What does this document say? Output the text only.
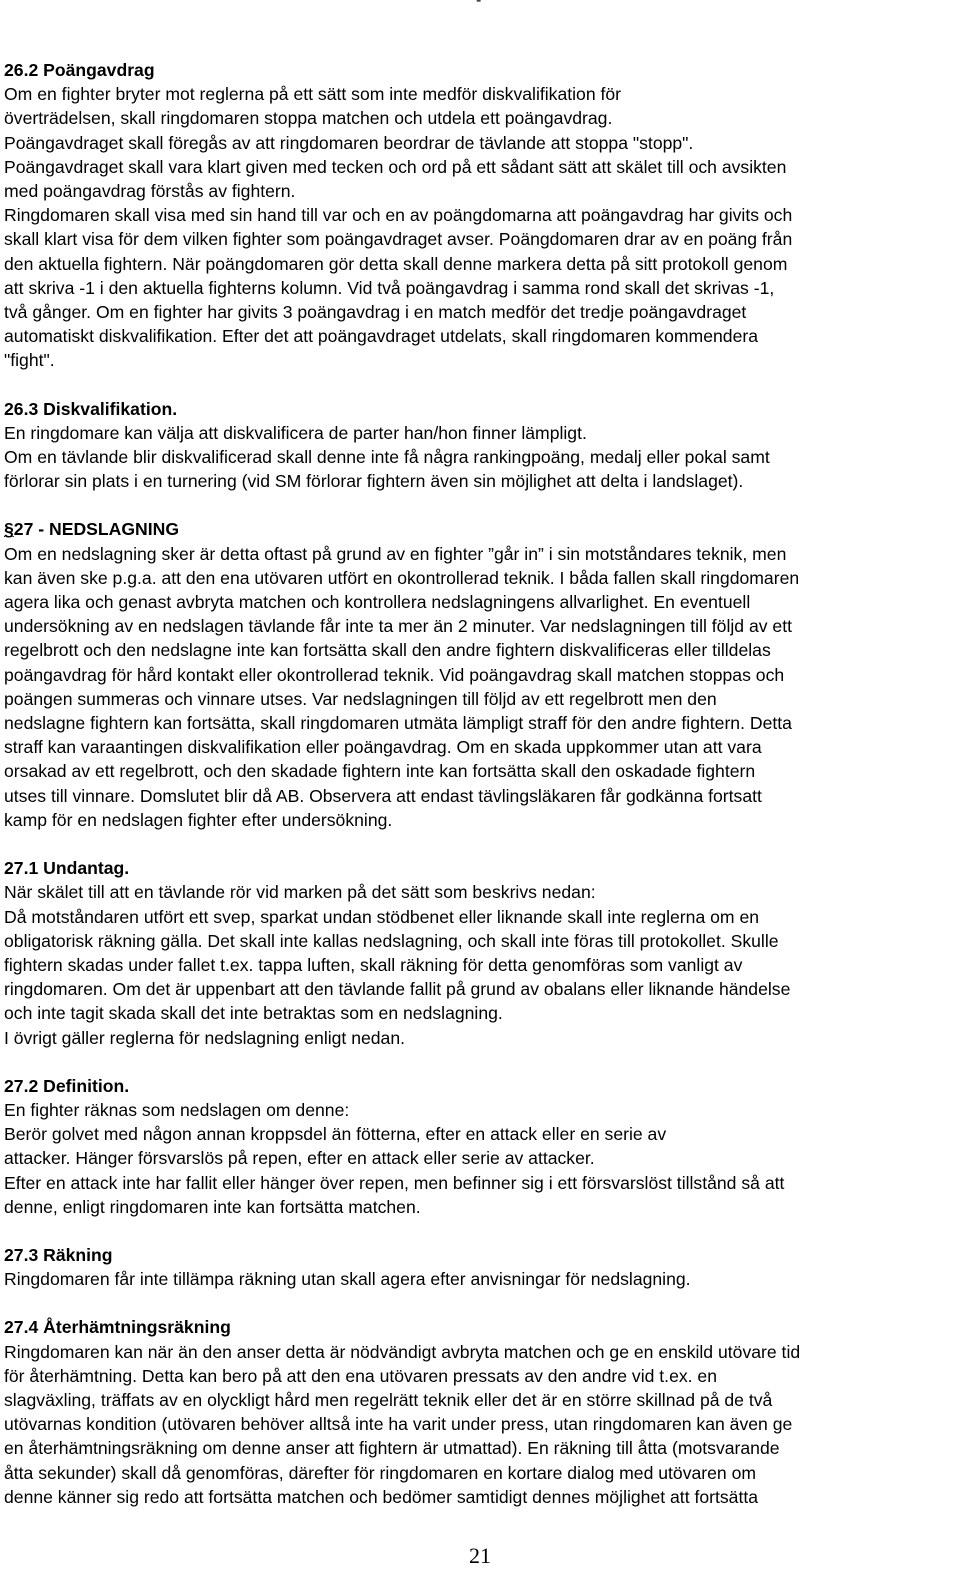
-

26.2 Poängavdrag

Om en fighter bryter mot reglerna på ett sätt som inte medför diskvalifikation för
överträdelsen, skall ringdomaren stoppa matchen och utdela ett poängavdrag.

Poängavdraget skall föregås av att ringdomaren beordrar de tävlande att stoppa "stopp".

Poängavdraget skall vara klart given med tecken och ord på ett sådant sätt att skälet till och avsikten
med poängavdrag förstås av fightern.

Ringdomaren skall visa med sin hand till var och en av poängdomarna att poängavdrag har givits och
skall klart visa för dem vilken fighter som poängavdraget avser. Poängdomaren drar av en poäng från
den aktuella fightern. När poängdomaren gör detta skall denne markera detta på sitt protokoll genom
att skriva -1 i den aktuella fighterns kolumn. Vid två poängavdrag i samma rond skall det skrivas -1,
två gånger. Om en fighter har givits 3 poängavdrag i en match medför det tredje poängavdraget
automatiskt diskvalifikation. Efter det att poängavdraget utdelats, skall ringdomaren kommendera
"fight".

26.3 Diskvalifikation.

En ringdomare kan välja att diskvalificera de parter han/hon finner lämpligt.

Om en tävlande blir diskvalificerad skall denne inte få några rankingpoäng, medalj eller pokal samt
förlorar sin plats i en turnering (vid SM förlorar fightern även sin möjlighet att delta i landslaget).

§27 - NEDSLAGNING

Om en nedslagning sker är detta oftast på grund av en fighter ”går in” i sin motståndares teknik, men
kan även ske p.g.a. att den ena utövaren utfört en okontrollerad teknik. I båda fallen skall ringdomaren
agera lika och genast avbryta matchen och kontrollera nedslagningens allvarlighet. En eventuell
undersökning av en nedslagen tävlande får inte ta mer än 2 minuter. Var nedslagningen till följd av ett
regelbrott och den nedslagne inte kan fortsätta skall den andre fightern diskvalificeras eller tilldelas
poängavdrag för hård kontakt eller okontrollerad teknik. Vid poängavdrag skall matchen stoppas och
poängen summeras och vinnare utses. Var nedslagningen till följd av ett regelbrott men den
nedslagne fightern kan fortsätta, skall ringdomaren utmäta lämpligt straff för den andre fightern. Detta
straff kan varaantingen diskvalifikation eller poängavdrag. Om en skada uppkommer utan att vara
orsakad av ett regelbrott, och den skadade fightern inte kan fortsätta skall den oskadade fightern
utses till vinnare. Domslutet blir då AB. Observera att endast tävlingsläkaren får godkänna fortsatt
kamp för en nedslagen fighter efter undersökning.

27.1 Undantag.

När skälet till att en tävlande rör vid marken på det sätt som beskrivs nedan:

Då motståndaren utfört ett svep, sparkat undan stödbenet eller liknande skall inte reglerna om en
obligatorisk räkning gälla. Det skall inte kallas nedslagning, och skall inte föras till protokollet. Skulle
fightern skadas under fallet t.ex. tappa luften, skall räkning för detta genomföras som vanligt av
ringdomaren. Om det är uppenbart att den tävlande fallit på grund av obalans eller liknande händelse
och inte tagit skada skall det inte betraktas som en nedslagning.

I övrigt gäller reglerna för nedslagning enligt nedan.

27.2 Definition.

En fighter räknas som nedslagen om denne:

Berör golvet med någon annan kroppsdel än fötterna, efter en attack eller en serie av
attacker. Hänger försvarslös på repen, efter en attack eller serie av attacker.

Efter en attack inte har fallit eller hänger över repen, men befinner sig i ett försvarslöst tillstånd så att
denne, enligt ringdomaren inte kan fortsätta matchen.

27.3 Räkning

Ringdomaren får inte tillämpa räkning utan skall agera efter anvisningar för nedslagning.

27.4 Återhämtningsräkning

Ringdomaren kan när än den anser detta är nödvändigt avbryta matchen och ge en enskild utövare tid
för återhämtning. Detta kan bero på att den ena utövaren pressats av den andre vid t.ex. en
slagväxling, träffats av en olyckligt hård men regelrätt teknik eller det är en större skillnad på de två
utövarnas kondition (utövaren behöver alltså inte ha varit under press, utan ringdomaren kan även ge
en återhämtningsräkning om denne anser att fightern är utmattad). En räkning till åtta (motsvarande
åtta sekunder) skall då genomföras, därefter för ringdomaren en kortare dialog med utövaren om
denne känner sig redo att fortsätta matchen och bedömer samtidigt dennes möjlighet att fortsätta

21
